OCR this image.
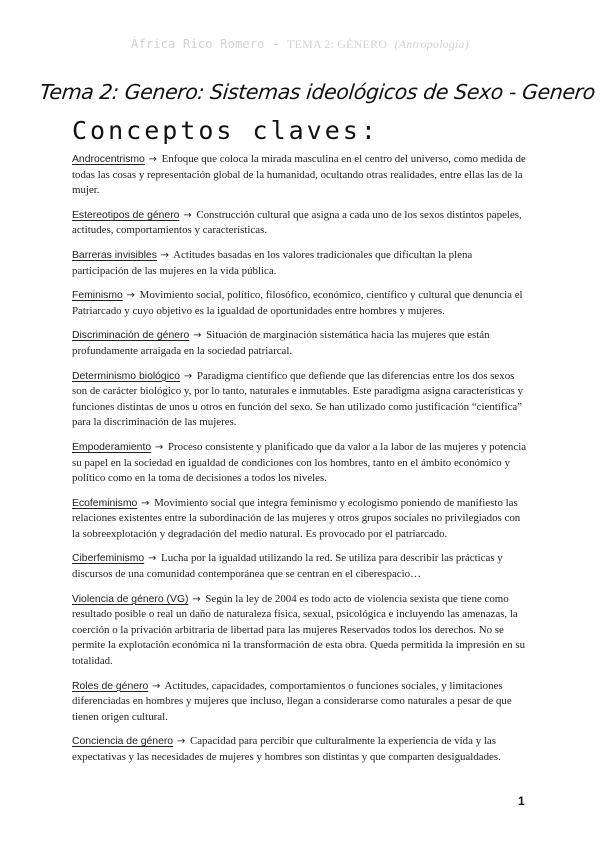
África Rico Romero - TEMA 2: GÉNERO (Antropología)
Tema 2: Genero: Sistemas ideológicos de Sexo - Genero
Conceptos claves:

Androcentrismo → Enfoque que coloca la mirada masculina en el centro del universo, como medida de todas las cosas y representación global de la humanidad, ocultando otras realidades, entre ellas las de la mujer.

Estereotipos de género → Construcción cultural que asigna a cada uno de los sexos distintos papeles, actitudes, comportamientos y características.

Barreras invisibles → Actitudes basadas en los valores tradicionales que dificultan la plena participación de las mujeres en la vida pública.

Feminismo → Movimiento social, político, filosófico, económico, científico y cultural que denuncia el Patriarcado y cuyo objetivo es la igualdad de oportunidades entre hombres y mujeres.

Discriminación de género → Situación de marginación sistemática hacia las mujeres que están profundamente arraigada en la sociedad patriarcal.

Determinismo biológico → Paradigma científico que defiende que las diferencias entre los dos sexos son de carácter biológico y, por lo tanto, naturales e inmutables. Este paradigma asigna características y funciones distintas de unos u otros en función del sexo. Se han utilizado como justificación “científica” para la discriminación de las mujeres.

Empoderamiento → Proceso consistente y planificado que da valor a la labor de las mujeres y potencia su papel en la sociedad en igualdad de condiciones con los hombres, tanto en el ámbito económico y político como en la toma de decisiones a todos los niveles.

Ecofeminismo → Movimiento social que integra feminismo y ecologismo poniendo de manifiesto las relaciones existentes entre la subordinación de las mujeres y otros grupos sociales no privilegiados con la sobreexplotación y degradación del medio natural. Es provocado por el patriarcado.

Ciberfeminismo → Lucha por la igualdad utilizando la red. Se utiliza para describir las prácticas y discursos de una comunidad contemporánea que se centran en el ciberespacio…

Violencia de género (VG) → Según la ley de 2004 es todo acto de violencia sexista que tiene como resultado posible o real un daño de naturaleza física, sexual, psicológica e incluyendo las amenazas, la coerción o la privación arbitraria de libertad para las mujeres Reservados todos los derechos. No se permite la explotación económica ni la transformación de esta obra. Queda permitida la impresión en su totalidad.

Roles de género → Actitudes, capacidades, comportamientos o funciones sociales, y limitaciones diferenciadas en hombres y mujeres que incluso, llegan a considerarse como naturales a pesar de que tienen origen cultural.

Conciencia de género → Capacidad para percibir que culturalmente la experiencia de vida y las expectativas y las necesidades de mujeres y hombres son distintas y que comparten desigualdades.

1
